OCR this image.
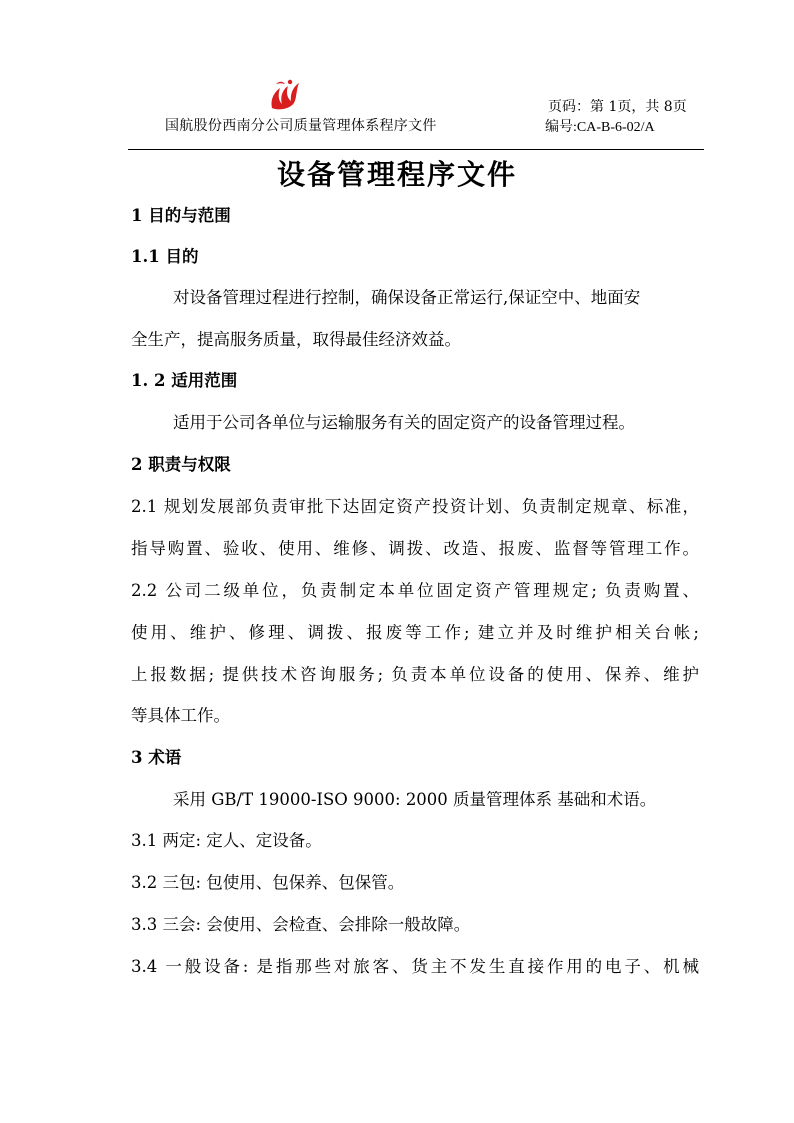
国航股份西南分公司质量管理体系程序文件
页码：第 1页，共 8页
编号:CA-B-6-02/A
设备管理程序文件
1 目的与范围
1.1 目的
对设备管理过程进行控制，确保设备正常运行,保证空中、地面安
全生产，提高服务质量，取得最佳经济效益。
1. 2 适用范围
适用于公司各单位与运输服务有关的固定资产的设备管理过程。
2 职责与权限
2.1 规划发展部负责审批下达固定资产投资计划、负责制定规章、标准，
指导购置、验收、使用、维修、调拨、改造、报废、监督等管理工作。
2.2 公司二级单位，负责制定本单位固定资产管理规定; 负责购置、
使用、维护、修理、调拨、报废等工作; 建立并及时维护相关台帐;
上报数据; 提供技术咨询服务; 负责本单位设备的使用、保养、维护
等具体工作。
3 术语
采用 GB/T 19000-ISO 9000: 2000 质量管理体系 基础和术语。
3.1 两定: 定人、定设备。
3.2 三包: 包使用、包保养、包保管。
3.3 三会: 会使用、会检查、会排除一般故障。
3.4 一般设备: 是指那些对旅客、货主不发生直接作用的电子、机械
